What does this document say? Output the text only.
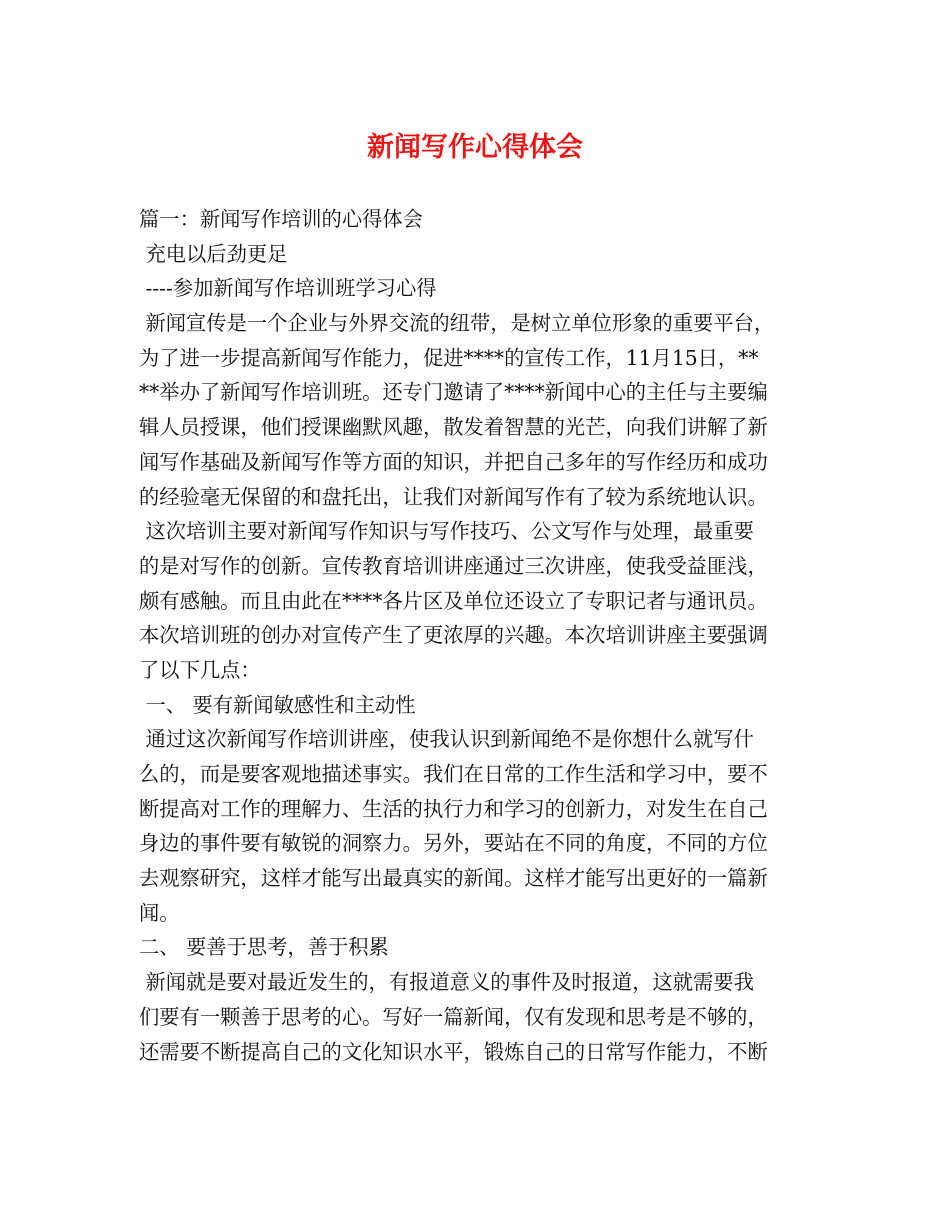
新闻写作心得体会
篇一：新闻写作培训的心得体会
充电以后劲更足
----参加新闻写作培训班学习心得
新闻宣传是一个企业与外界交流的纽带，是树立单位形象的重要平台，
为了进一步提高新闻写作能力，促进****的宣传工作，11月15日，**
**举办了新闻写作培训班。还专门邀请了****新闻中心的主任与主要编
辑人员授课，他们授课幽默风趣，散发着智慧的光芒，向我们讲解了新
闻写作基础及新闻写作等方面的知识，并把自己多年的写作经历和成功
的经验毫无保留的和盘托出，让我们对新闻写作有了较为系统地认识。
这次培训主要对新闻写作知识与写作技巧、公文写作与处理，最重要
的是对写作的创新。宣传教育培训讲座通过三次讲座，使我受益匪浅，
颇有感触。而且由此在****各片区及单位还设立了专职记者与通讯员。
本次培训班的创办对宣传产生了更浓厚的兴趣。本次培训讲座主要强调
了以下几点：
一、 要有新闻敏感性和主动性
通过这次新闻写作培训讲座，使我认识到新闻绝不是你想什么就写什
么的，而是要客观地描述事实。我们在日常的工作生活和学习中，要不
断提高对工作的理解力、生活的执行力和学习的创新力，对发生在自己
身边的事件要有敏锐的洞察力。另外，要站在不同的角度，不同的方位
去观察研究，这样才能写出最真实的新闻。这样才能写出更好的一篇新
闻。
二、 要善于思考，善于积累
新闻就是要对最近发生的，有报道意义的事件及时报道，这就需要我
们要有一颗善于思考的心。写好一篇新闻，仅有发现和思考是不够的，
还需要不断提高自己的文化知识水平，锻炼自己的日常写作能力，不断
